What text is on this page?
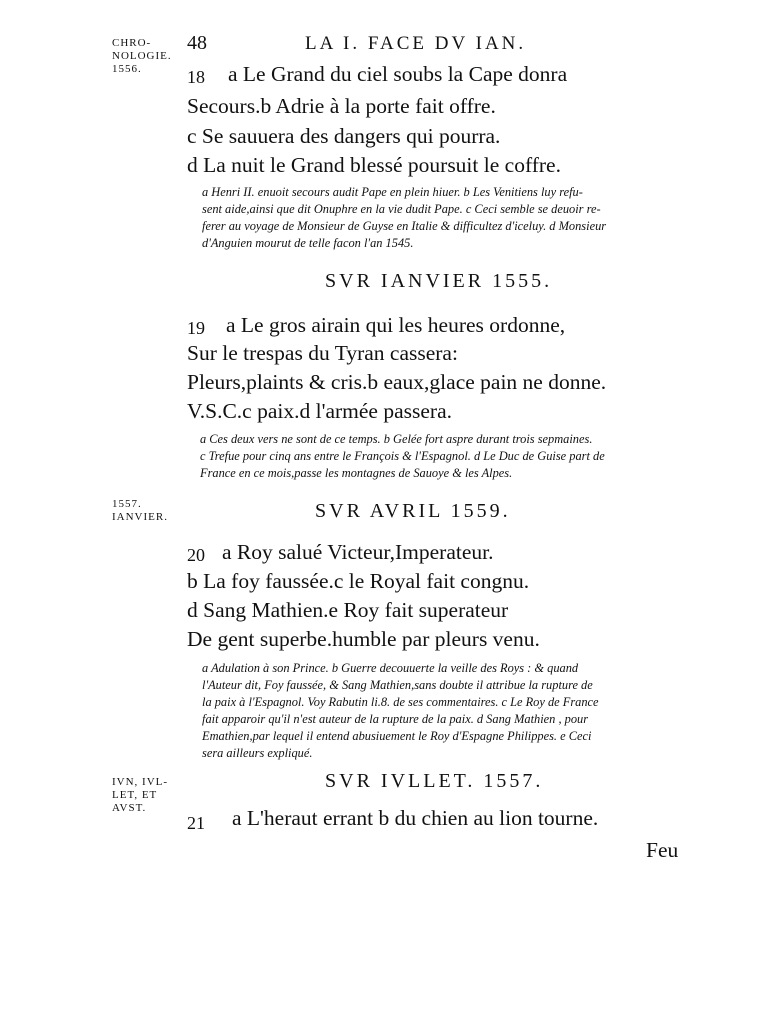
CHRO-
NOLOGIE.
1556.
1557.
IANVIER.
IVN, IVL-
LET, ET
AVST.
48	LA I. FACE DV IAN.
18 a Le Grand du ciel soubs la Cape donra
Secours.b Adrie à la porte fait offre.
c Se sauuera des dangers qui pourra.
d La nuit le Grand blessé poursuit le coffre.
a Henri II. enuoit secours audit Pape en plein hiuer. b Les Venitiens luy refu-
sent aide,ainsi que dit Onuphre en la vie dudit Pape. c Ceci semble se deuoir re-
ferer au voyage de Monsieur de Guyse en Italie & difficultez d'iceluy. d Monsieur
d'Anguien mourut de telle facon l'an 1545.
SVR IANVIER 1555.
19 a Le gros airain qui les heures ordonne,
Sur le trespas du Tyran cassera:
Pleurs,plaints & cris.b eaux,glace pain ne donne.
V.S.C.c paix.d l'armée passera.
a Ces deux vers ne sont de ce temps. b Gelée fort aspre durant trois sepmaines.
c Trefue pour cinq ans entre le François & l'Espagnol. d Le Duc de Guise part de
France en ce mois,passe les montagnes de Sauoye & les Alpes.
SVR AVRIL 1559.
20 a Roy salué Victeur,Imperateur.
b La foy faussée.c le Royal fait congnu.
d Sang Mathien.e Roy fait superateur
De gent superbe.humble par pleurs venu.
a Adulation à son Prince. b Guerre decouuerte la veille des Roys : & quand
l'Auteur dit, Foy faussée, & Sang Mathien,sans doubte il attribue la rupture de
la paix à l'Espagnol. Voy Rabutin li.8. de ses commentaires. c Le Roy de France
fait apparoir qu'il n'est auteur de la rupture de la paix. d Sang Mathien , pour
Emathien,par lequel il entend abusiuement le Roy d'Espagne Philippes. e Ceci
sera ailleurs expliqué.
SVR IVLLET. 1557.
21 a L'heraut errant b du chien au lion tourne.
Feu
